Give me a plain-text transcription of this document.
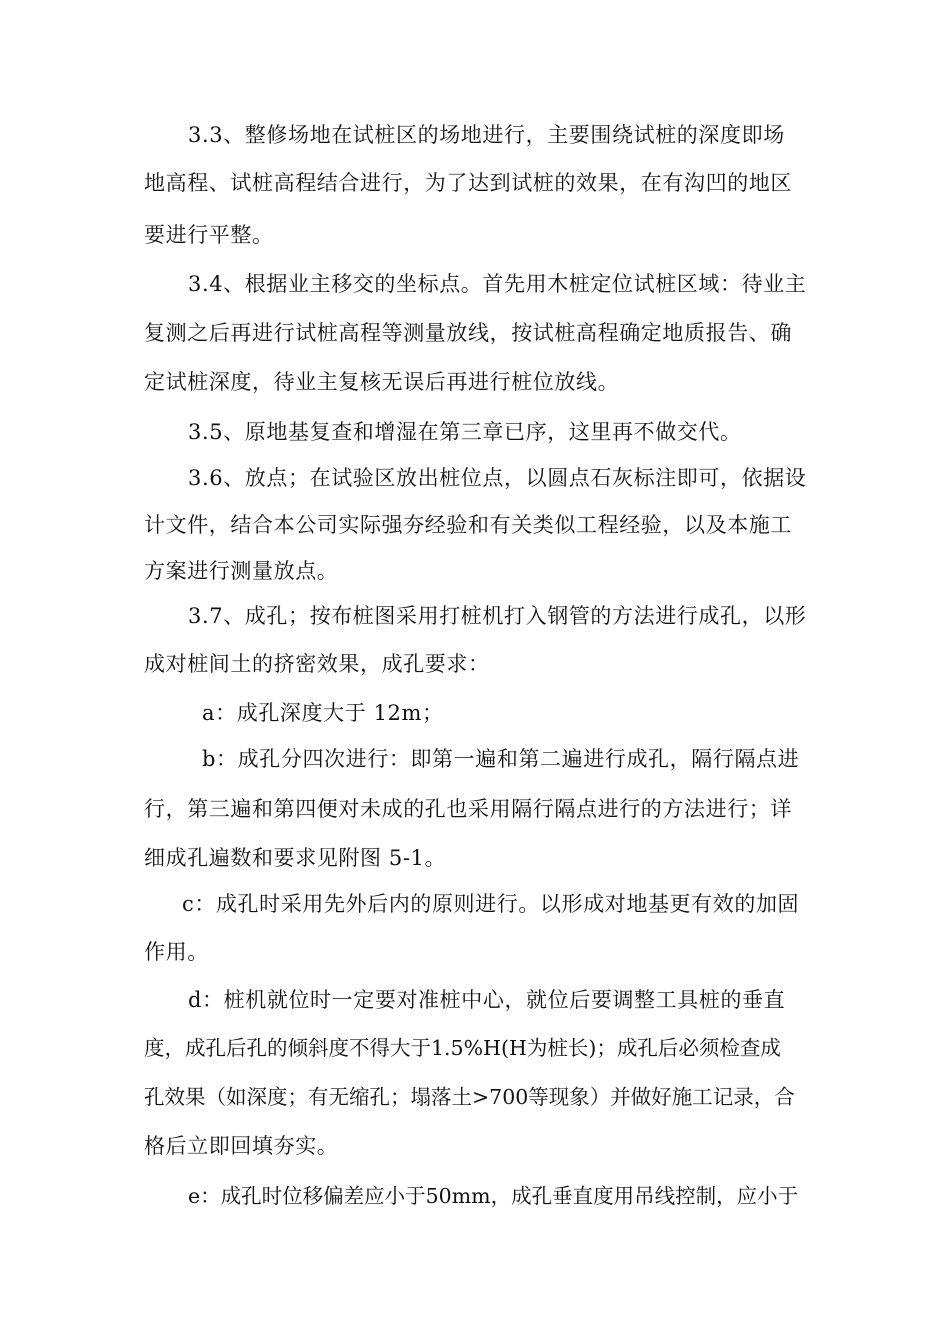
3.3、整修场地在试桩区的场地进行，主要围绕试桩的深度即场
地高程、试桩高程结合进行，为了达到试桩的效果，在有沟凹的地区
要进行平整。
3.4、根据业主移交的坐标点。首先用木桩定位试桩区域：待业主
复测之后再进行试桩高程等测量放线，按试桩高程确定地质报告、确
定试桩深度，待业主复核无误后再进行桩位放线。
3.5、原地基复查和增湿在第三章已序，这里再不做交代。
3.6、放点；在试验区放出桩位点，以圆点石灰标注即可，依据设
计文件，结合本公司实际强夯经验和有关类似工程经验，以及本施工
方案进行测量放点。
3.7、成孔；按布桩图采用打桩机打入钢管的方法进行成孔，以形
成对桩间土的挤密效果，成孔要求：
a：成孔深度大于 12m；
b：成孔分四次进行：即第一遍和第二遍进行成孔，隔行隔点进
行，第三遍和第四便对未成的孔也采用隔行隔点进行的方法进行；详
细成孔遍数和要求见附图 5-1。
c：成孔时采用先外后内的原则进行。以形成对地基更有效的加固
作用。
d：桩机就位时一定要对准桩中心，就位后要调整工具桩的垂直
度，成孔后孔的倾斜度不得大于1.5%H(H为桩长)；成孔后必须检查成
孔效果（如深度；有无缩孔；塌落土>700等现象）并做好施工记录，合
格后立即回填夯实。
e：成孔时位移偏差应小于50mm，成孔垂直度用吊线控制，应小于
